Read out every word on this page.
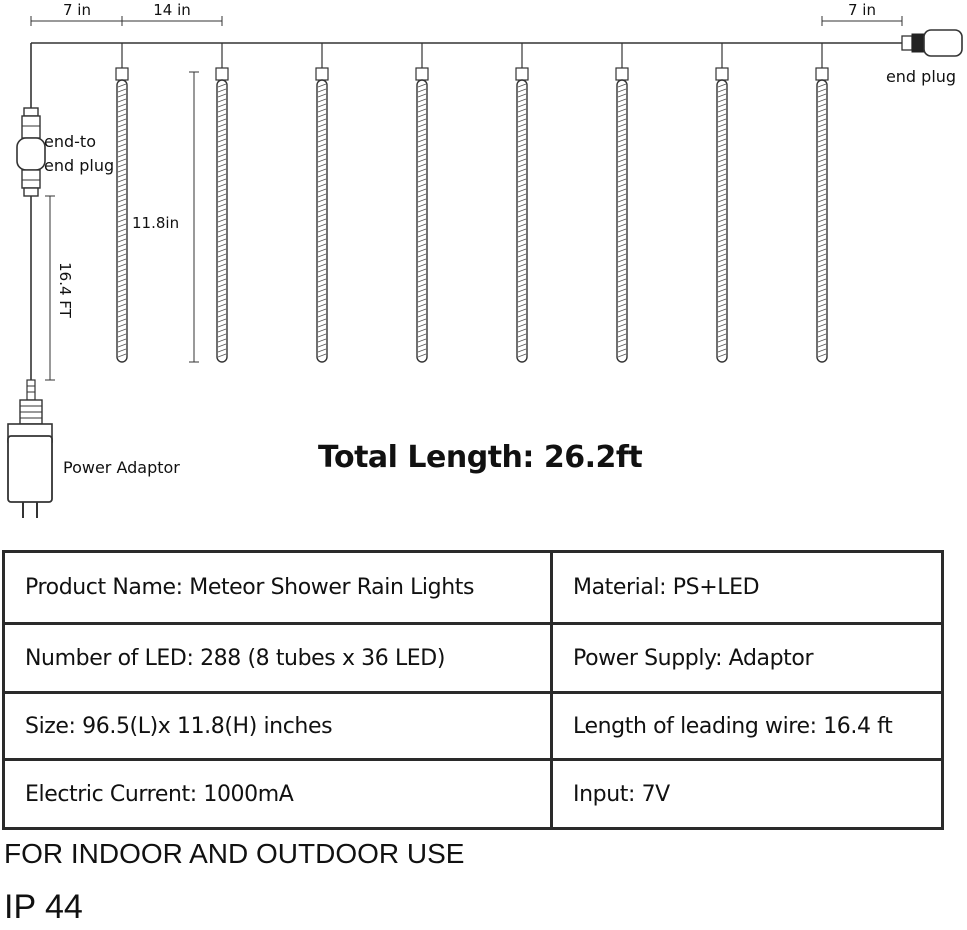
end-to
end plug
Power Adaptor
7 in	14 in	7 in
end plug
11.8in
16.4 FT
Total Length: 26.2ft
Product Name: Meteor Shower Rain Lights	Material: PS+LED
Number of LED: 288 (8 tubes x 36 LED)	Power Supply: Adaptor
Size: 96.5(L)x 11.8(H) inches	Length of leading wire: 16.4 ft
Electric Current: 1000mA	Input: 7V
FOR INDOOR AND OUTDOOR USE
IP 44
